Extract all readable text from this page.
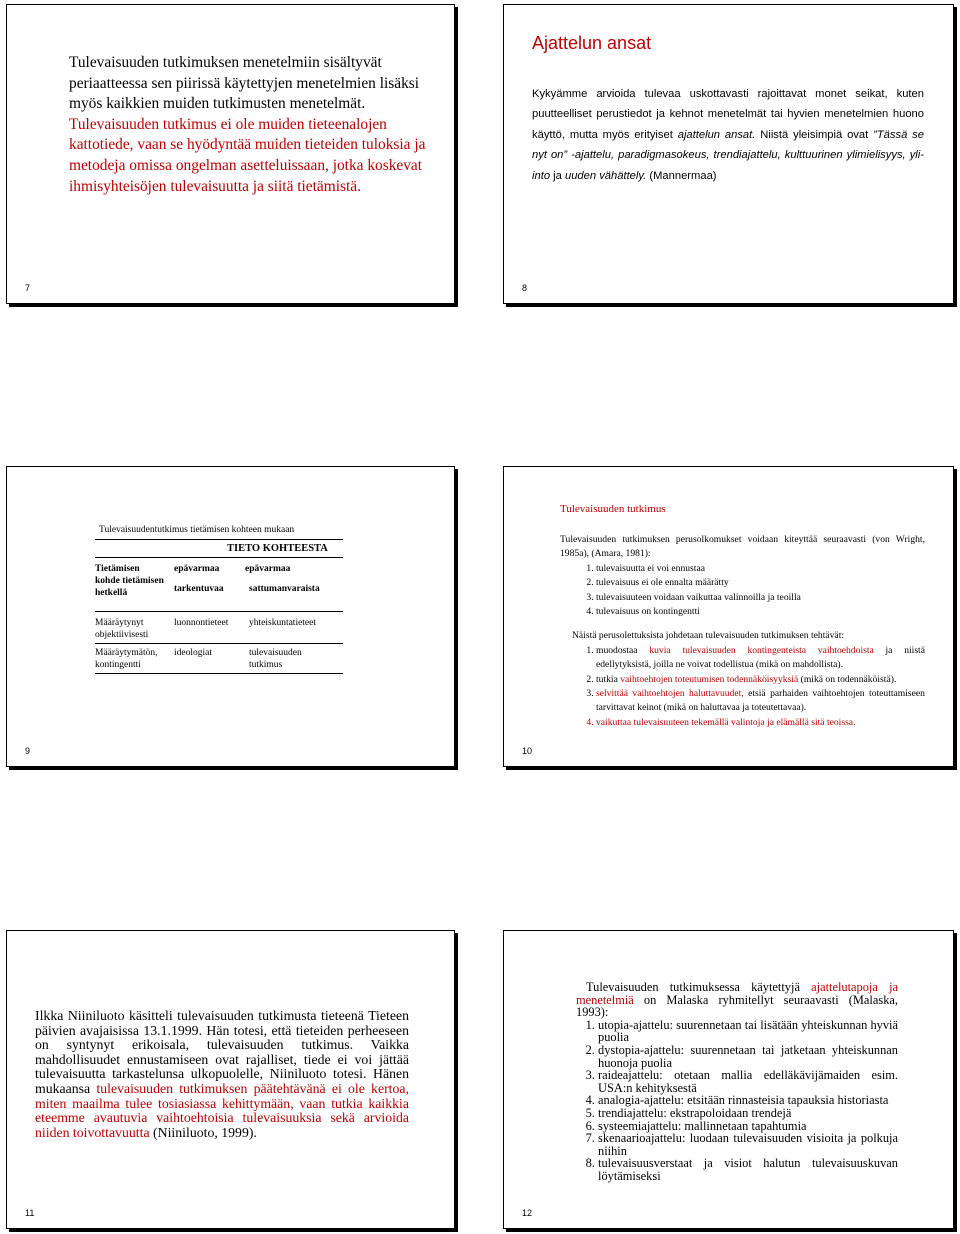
Tulevaisuuden tutkimuksen menetelmiin sisältyvät periaatteessa sen piirissä käytettyjen menetelmien lisäksi myös kaikkien muiden tutkimusten menetelmät. Tulevaisuuden tutkimus ei ole muiden tieteenalojen kattotiede, vaan se hyödyntää muiden tieteiden tuloksia ja metodeja omissa ongelman asetteluissaan, jotka koskevat ihmisyhteisöjen tulevaisuutta ja siitä tietämistä.
7
Ajattelun ansat
Kykyämme arvioida tulevaa uskottavasti rajoittavat monet seikat, kuten puutteelliset perustiedot ja kehnot menetelmät tai hyvien menetelmien huono käyttö, mutta myös erityiset ajattelun ansat. Niistä yleisimpiä ovat ”Tässä se nyt on” -ajattelu, paradigmasokeus, trendiajattelu, kulttuurinen ylimielisyys, yli-into ja uuden vähättely. (Mannermaa)
8
Tulevaisuudentutkimus tietämisen kohteen mukaan
TIETO KOHTEESTA
Tietämisen kohde tietämisen hetkellä
epävarmaa
tarkentuvaa
epävarmaa
sattumanvaraista
Määräytynyt objektiivisesti
luonnontieteet yhteiskuntatieteet
Määräytymätön, kontingentti
ideologiat	tulevaisuuden tutkimus
9
Tulevaisuuden tutkimus

Tulevaisuuden tutkimuksen perusolkomukset voidaan kiteyttää seuraavasti (von Wright, 1985a), (Amara, 1981):

1. tulevaisuutta ei voi ennustaa
2. tulevaisuus ei ole ennalta määrätty
3. tulevaisuuteen voidaan vaikuttaa valinnoilla ja teoilla
4. tulevaisuus on kontingentti

Näistä perusolettuksista johdetaan tulevaisuuden tutkimuksen tehtävät:

1. muodostaa kuvia tulevaisuuden kontingenteista vaihtoehdoista ja niistä edellytyksistä, joilla ne voivat todellistua (mikä on mahdollista).
2. tutkia vaihtoehtojen toteutumisen todennäköisyyksiä (mikä on todennäköistä).
3. selvittää vaihtoehtojen haluttavuudet, etsiä parhaiden vaihtoehtojen toteuttamiseen tarvittavat keinot (mikä on haluttavaa ja toteutettavaa).
4. vaikuttaa tulevaisuuteen tekemällä valintoja ja elämällä sitä teoissa.
10
Ilkka Niiniluoto käsitteli tulevaisuuden tutkimusta tieteenä Tieteen päivien avajaisissa 13.1.1999. Hän totesi, että tieteiden perheeseen on syntynyt erikoisala, tulevaisuuden tutkimus. Vaikka mahdollisuudet ennustamiseen ovat rajalliset, tiede ei voi jättää tulevaisuutta tarkastelunsa ulkopuolelle, Niiniluoto totesi. Hänen mukaansa tulevaisuuden tutkimuksen päätehtävänä ei ole kertoa, miten maailma tulee tosiasiassa kehittymään, vaan tutkia kaikkia eteemme avautuvia vaihtoehtoisia tulevaisuuksia sekä arvioida niiden toivottavuutta (Niiniluoto, 1999).
11

Tulevaisuuden tutkimuksessa käytettyjä ajattelutapoja ja menetelmiä on Malaska ryhmitellyt seuraavasti (Malaska, 1993):

1. utopia-ajattelu: suurennetaan tai lisätään yhteiskunnan hyviä puolia
2. dystopia-ajattelu: suurennetaan tai jatketaan yhteiskunnan huonoja puolia
3. raideajattelu: otetaan mallia edelläkävijämaiden esim. USA:n kehityksestä
4. analogia-ajattelu: etsitään rinnasteisia tapauksia historiasta
5. trendiajattelu: ekstrapoloidaan trendejä
6. systeemiajattelu: mallinnetaan tapahtumia
7. skenaarioajattelu: luodaan tulevaisuuden visioita ja polkuja niihin
8. tulevaisuusverstaat ja visiot halutun tulevaisuuskuvan löytämiseksi
12
